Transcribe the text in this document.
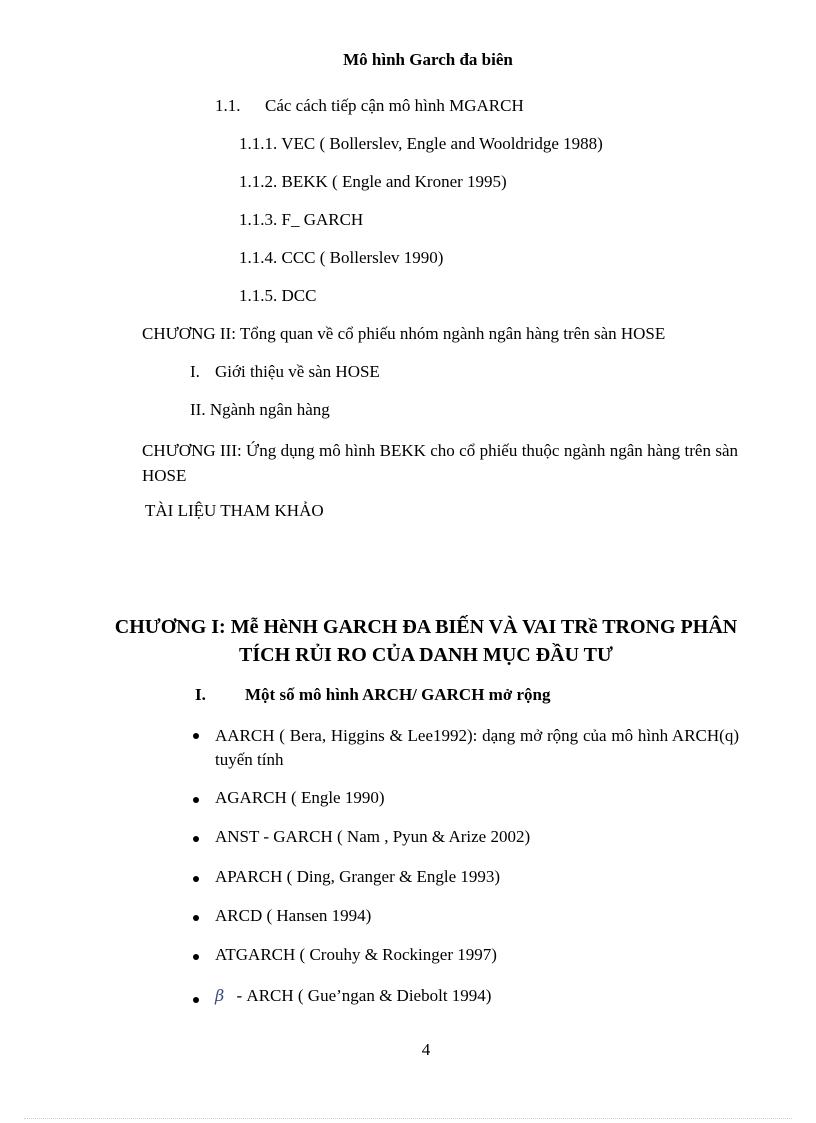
Mô hình Garch đa biên
1.1. Các cách tiếp cận mô hình MGARCH
1.1.1. VEC ( Bollerslev, Engle and Wooldridge 1988)
1.1.2. BEKK ( Engle and Kroner 1995)
1.1.3. F_ GARCH
1.1.4. CCC ( Bollerslev 1990)
1.1.5. DCC
CHƯƠNG II: Tổng quan về cổ phiếu nhóm ngành ngân hàng trên sàn HOSE
I. Giới thiệu về sàn HOSE
II. Ngành ngân hàng
CHƯƠNG III: Ứng dụng mô hình BEKK cho cổ phiếu thuộc ngành ngân hàng trên sàn HOSE
TÀI LIỆU THAM KHẢO
CHƯƠNG I: Mễ HèNH GARCH ĐA BIẾN VÀ VAI TRề TRONG PHÂN TÍCH RỦI RO CỦA DANH MỤC ĐẦU TƯ
I. Một số mô hình ARCH/ GARCH mở rộng
AARCH ( Bera, Higgins & Lee1992): dạng mở rộng của mô hình ARCH(q) tuyến tính
AGARCH ( Engle 1990)
ANST - GARCH ( Nam , Pyun & Arize 2002)
APARCH ( Ding, Granger & Engle 1993)
ARCD ( Hansen 1994)
ATGARCH ( Crouhy & Rockinger 1997)
β - ARCH ( Gue’ngan & Diebolt 1994)
4
